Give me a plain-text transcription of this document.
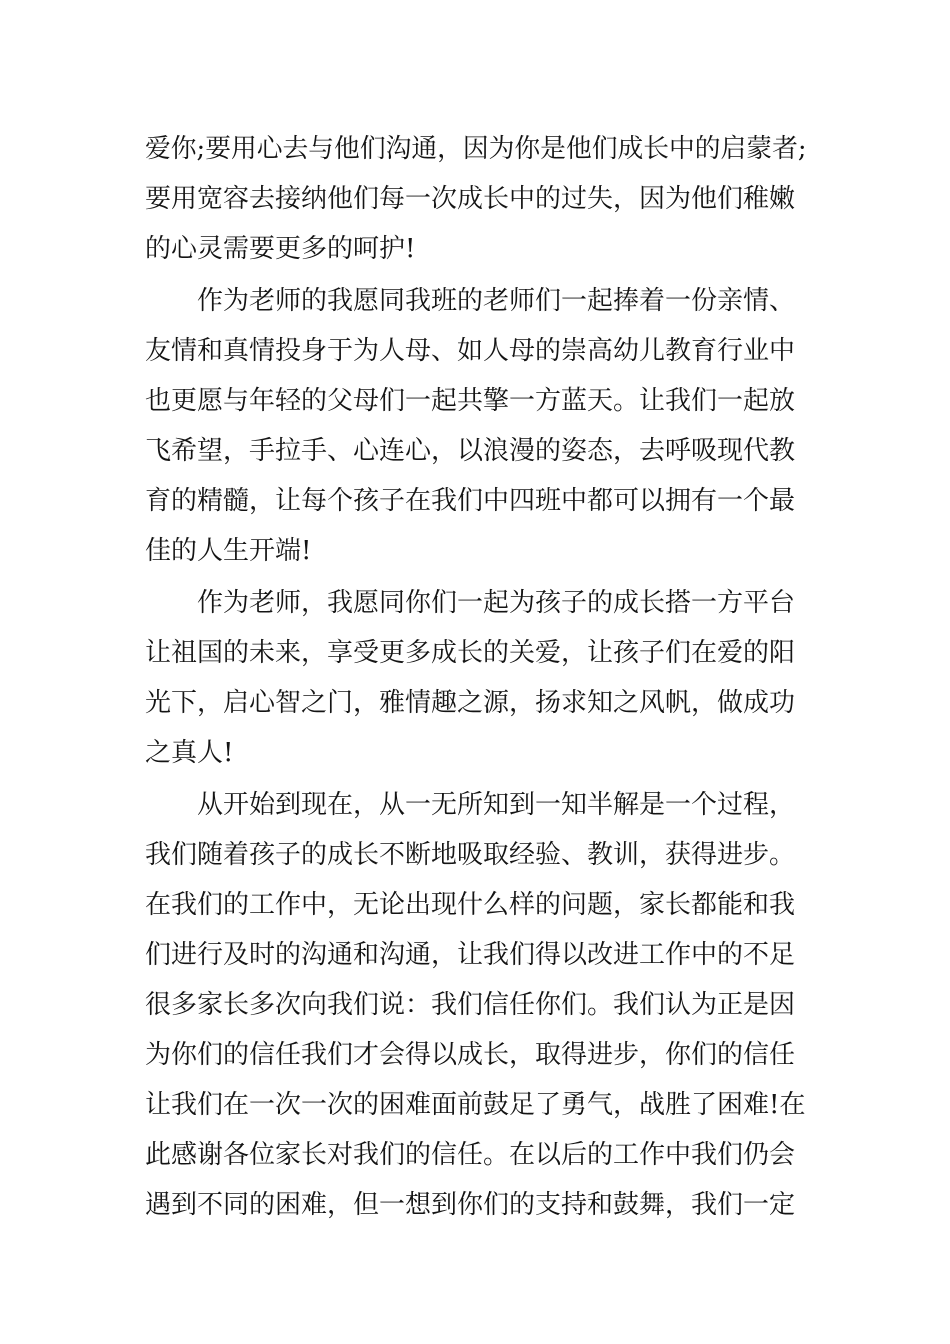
爱你;要用心去与他们沟通，因为你是他们成长中的启蒙者;
要用宽容去接纳他们每一次成长中的过失，因为他们稚嫩
的心灵需要更多的呵护!
作为老师的我愿同我班的老师们一起捧着一份亲情、
友情和真情投身于为人母、如人母的崇高幼儿教育行业中
也更愿与年轻的父母们一起共擎一方蓝天。让我们一起放
飞希望，手拉手、心连心，以浪漫的姿态，去呼吸现代教
育的精髓，让每个孩子在我们中四班中都可以拥有一个最
佳的人生开端!
作为老师，我愿同你们一起为孩子的成长搭一方平台
让祖国的未来，享受更多成长的关爱，让孩子们在爱的阳
光下，启心智之门，雅情趣之源，扬求知之风帆，做成功
之真人!
从开始到现在，从一无所知到一知半解是一个过程，
我们随着孩子的成长不断地吸取经验、教训，获得进步。
在我们的工作中，无论出现什么样的问题，家长都能和我
们进行及时的沟通和沟通，让我们得以改进工作中的不足
很多家长多次向我们说：我们信任你们。我们认为正是因
为你们的信任我们才会得以成长，取得进步，你们的信任
让我们在一次一次的困难面前鼓足了勇气，战胜了困难!在
此感谢各位家长对我们的信任。在以后的工作中我们仍会
遇到不同的困难，但一想到你们的支持和鼓舞，我们一定
